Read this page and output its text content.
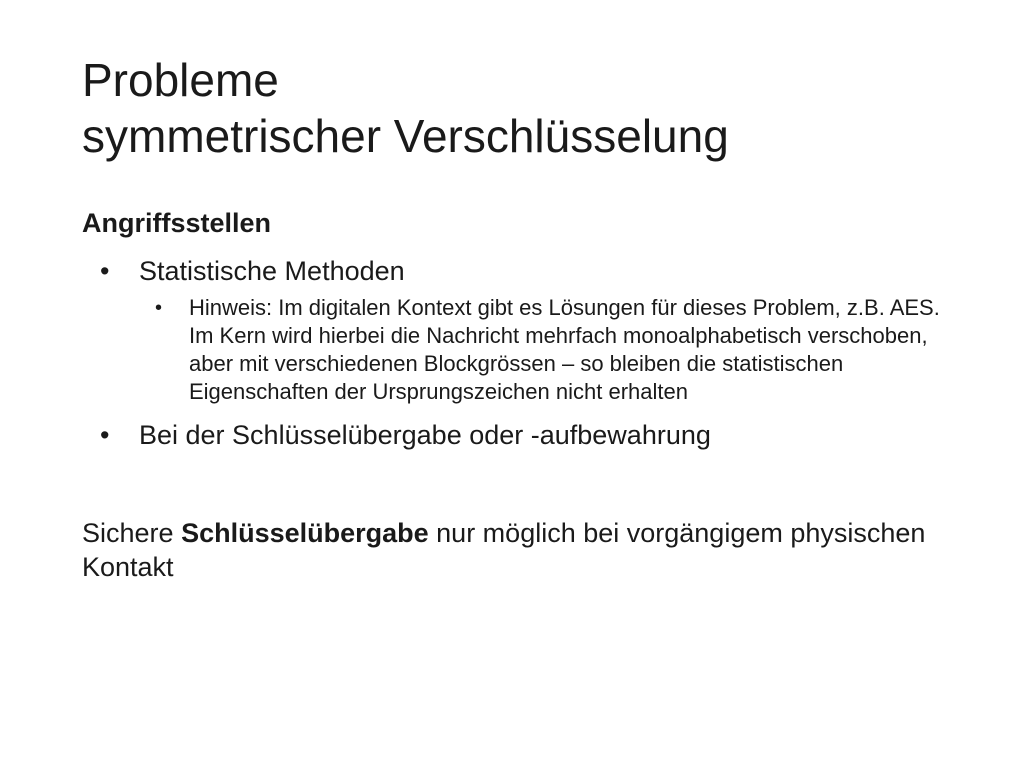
Probleme
symmetrischer Verschlüsselung

Angriffsstellen

• Statistische Methoden
• Hinweis: Im digitalen Kontext gibt es Lösungen für dieses Problem, z.B. AES. Im Kern wird hierbei die Nachricht mehrfach monoalphabetisch verschoben, aber mit verschiedenen Blockgrössen – so bleiben die statistischen Eigenschaften der Ursprungszeichen nicht erhalten
• Bei der Schlüsselübergabe oder -aufbewahrung

Sichere Schlüsselübergabe nur möglich bei vorgängigem physischen Kontakt
